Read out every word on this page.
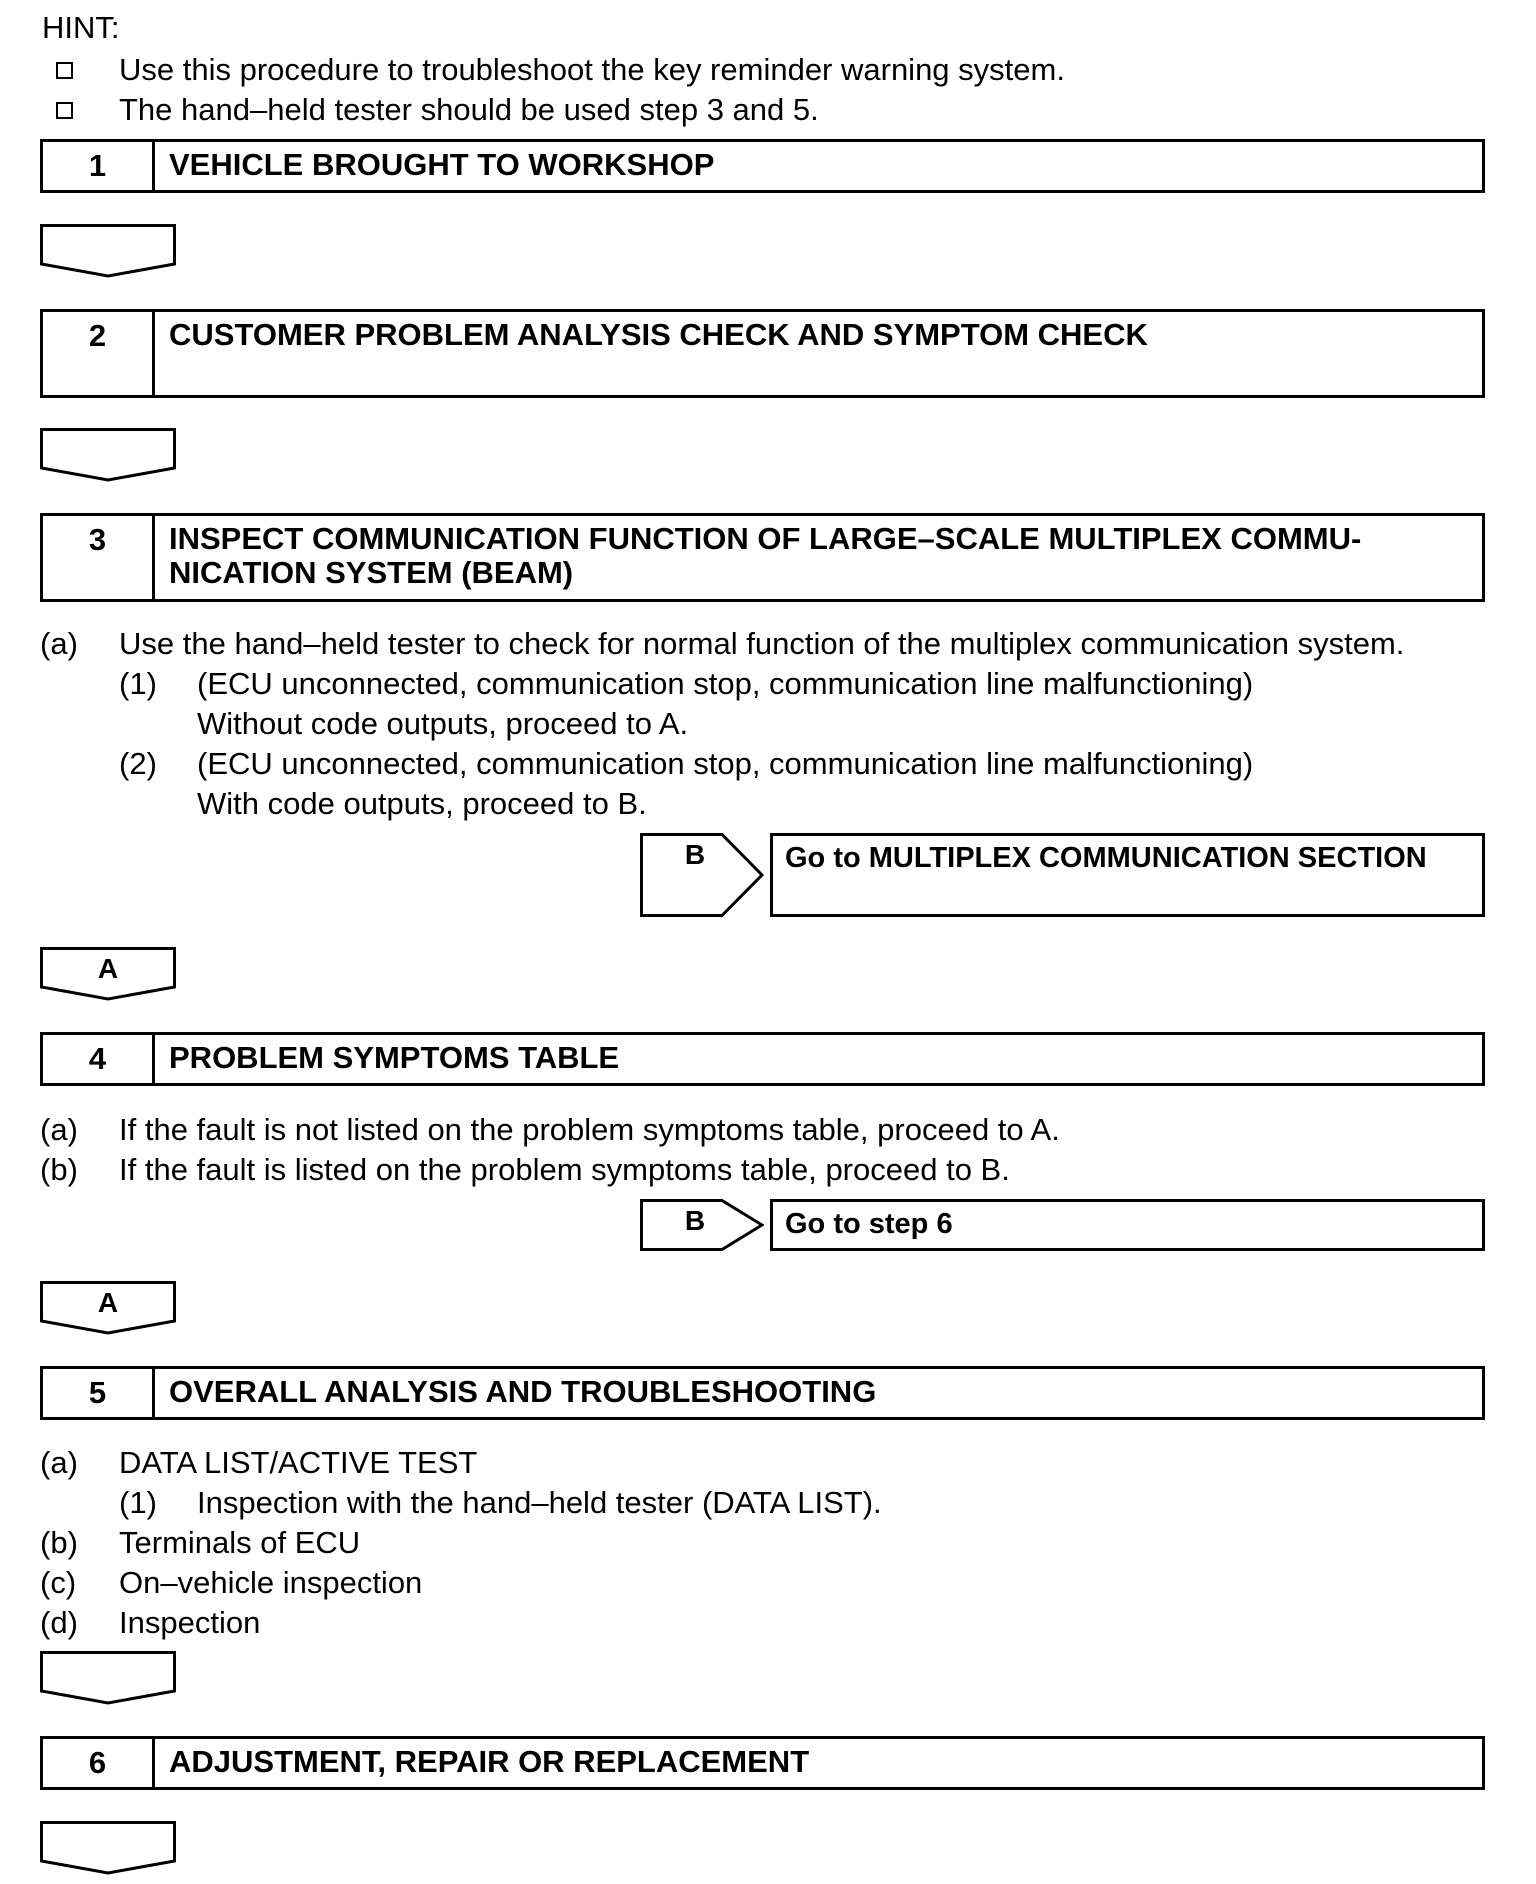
HINT:
Use this procedure to troubleshoot the key reminder warning system.
The hand–held tester should be used step 3 and 5.
1	VEHICLE BROUGHT TO WORKSHOP
2	CUSTOMER PROBLEM ANALYSIS CHECK AND SYMPTOM CHECK
3	INSPECT COMMUNICATION FUNCTION OF LARGE–SCALE MULTIPLEX COMMU-
NICATION SYSTEM (BEAM)
(a) Use the hand–held tester to check for normal function of the multiplex communication system.
(1) (ECU unconnected, communication stop, communication line malfunctioning)
Without code outputs, proceed to A.
(2) (ECU unconnected, communication stop, communication line malfunctioning)
With code outputs, proceed to B.
B	Go to MULTIPLEX COMMUNICATION SECTION
A
4	PROBLEM SYMPTOMS TABLE
(a) If the fault is not listed on the problem symptoms table, proceed to A.
(b) If the fault is listed on the problem symptoms table, proceed to B.
B	Go to step 6
A
5	OVERALL ANALYSIS AND TROUBLESHOOTING
(a) DATA LIST/ACTIVE TEST
(1) Inspection with the hand–held tester (DATA LIST).
(b) Terminals of ECU
(c) On–vehicle inspection
(d) Inspection
6	ADJUSTMENT, REPAIR OR REPLACEMENT
